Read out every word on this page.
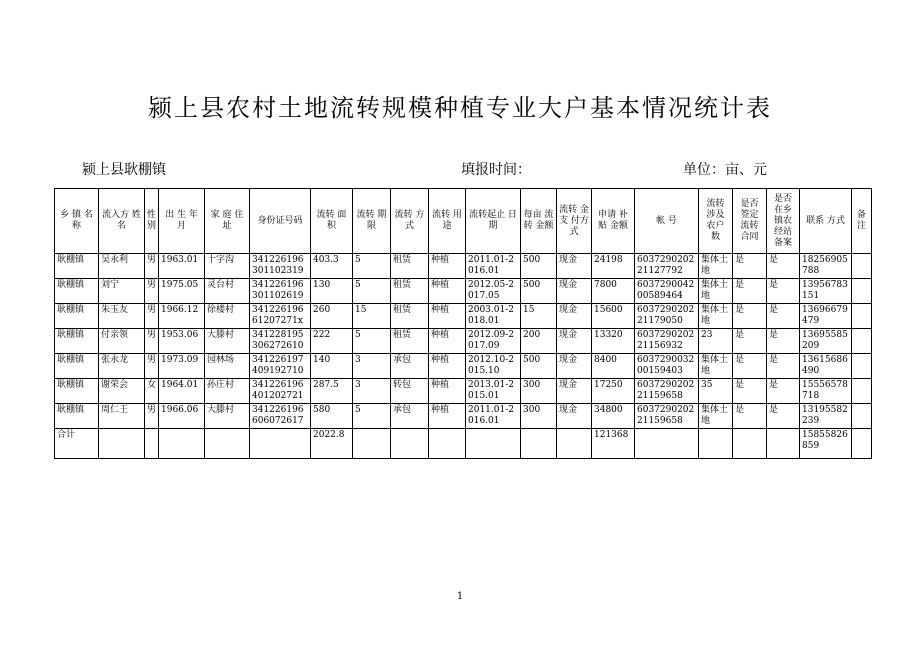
颍上县农村土地流转规模种植专业大户基本情况统计表
颍上县耿棚镇	填报时间：	单位：亩、元
乡 镇 名 称	流入方 姓 名	性别	出 生 年 月	家 庭 住 址	身份证号码	流转 面积	流转 期限	流转 方式	流转 用途	流转起止 日期	每亩 流转 金额	流转 金支 付方 式	申请 补贴 金额	帐 号	流转 涉及 农户 数	是否 签定 流转 合同	是否 在乡 镇农 经站 备案	联系 方式	备注
耿棚镇	吴永利	男	1963.01	十字沟	341226196301102319	403.3	5	租赁	种植	2011.01-2016.01	500	现金	24198	603729020221127792	集体土地	是	是	18256905788	
耿棚镇	刘宁	男	1975.05	灵台村	341226196301102619	130	5	租赁	种植	2012.05-2017.05	500	现金	7800	603729004200589464	集体土地	是	是	13956783151	
耿棚镇	朱玉友	男	1966.12	徐楼村	34122619661207271x	260	15	租赁	种植	2003.01-2018.01	15	现金	15600	603729020221179050	集体土地	是	是	13696679479	
耿棚镇	付亲领	男	1953.06	大滕村	341228195306272610	222	5	租赁	种植	2012.09-2017.09	200	现金	13320	603729020221156932	23	是	是	13695585209	
耿棚镇	张永龙	男	1973.09	园林场	341226197409192710	140	3	承包	种植	2012.10-2015.10	500	现金	8400	603729003200159403	集体土地	是	是	13615686490	
耿棚镇	谢荣会	女	1964.01	孙庄村	341226196401202721	287.5	3	转包	种植	2013.01-2015.01	300	现金	17250	603729020221159658	35	是	是	15556578718	
耿棚镇	周仁王	男	1966.06	大滕村	341226196606072617	580	5	承包	种植	2011.01-2016.01	300	现金	34800	603729020221159658	集体土地	是	是	13195582239	
合计						2022.8							121368					15855826859	
1
